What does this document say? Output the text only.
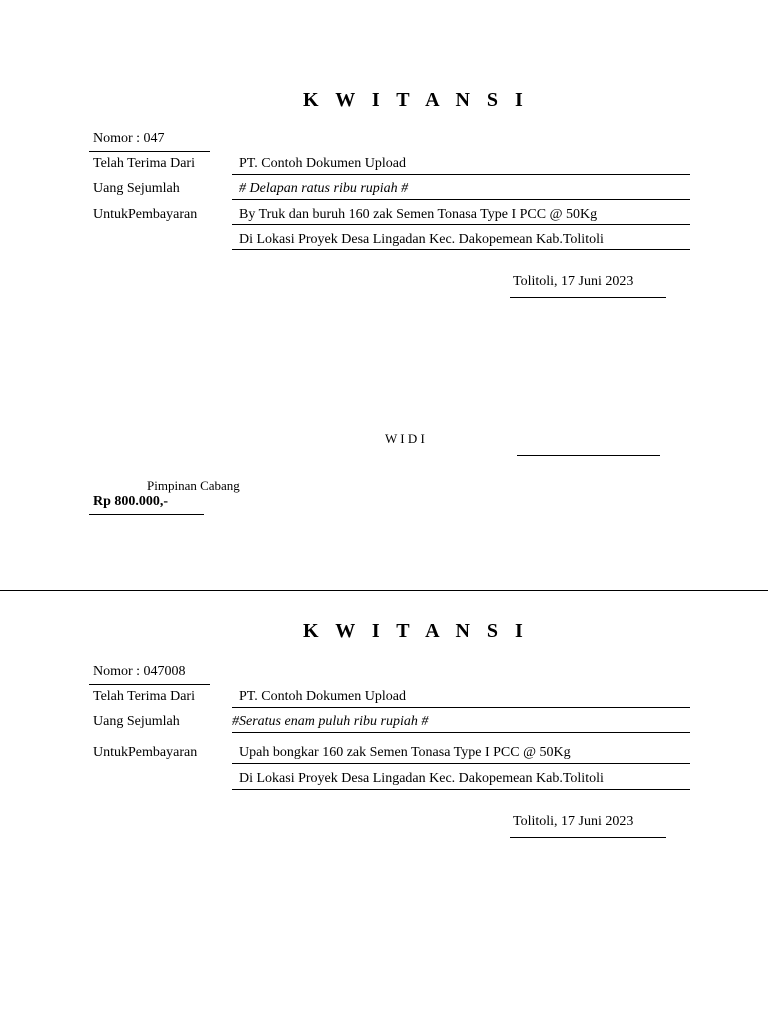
K W I T A N S I
Nomor : 047
Telah Terima Dari	PT. Contoh Dokumen Upload
Uang Sejumlah	# Delapan ratus ribu rupiah #
UntukPembayaran	By Truk dan buruh 160 zak Semen Tonasa Type I PCC @ 50Kg
Di Lokasi Proyek Desa Lingadan Kec. Dakopemean Kab.Tolitoli
Tolitoli, 17 Juni 2023
W I D I
Pimpinan Cabang
Rp 800.000,-
K W I T A N S I
Nomor : 047008
Telah Terima Dari	PT. Contoh Dokumen Upload
Uang Sejumlah	#Seratus enam puluh ribu rupiah #
UntukPembayaran	Upah bongkar 160 zak Semen Tonasa Type I PCC @ 50Kg
Di Lokasi Proyek Desa Lingadan Kec. Dakopemean Kab.Tolitoli
Tolitoli, 17 Juni 2023
